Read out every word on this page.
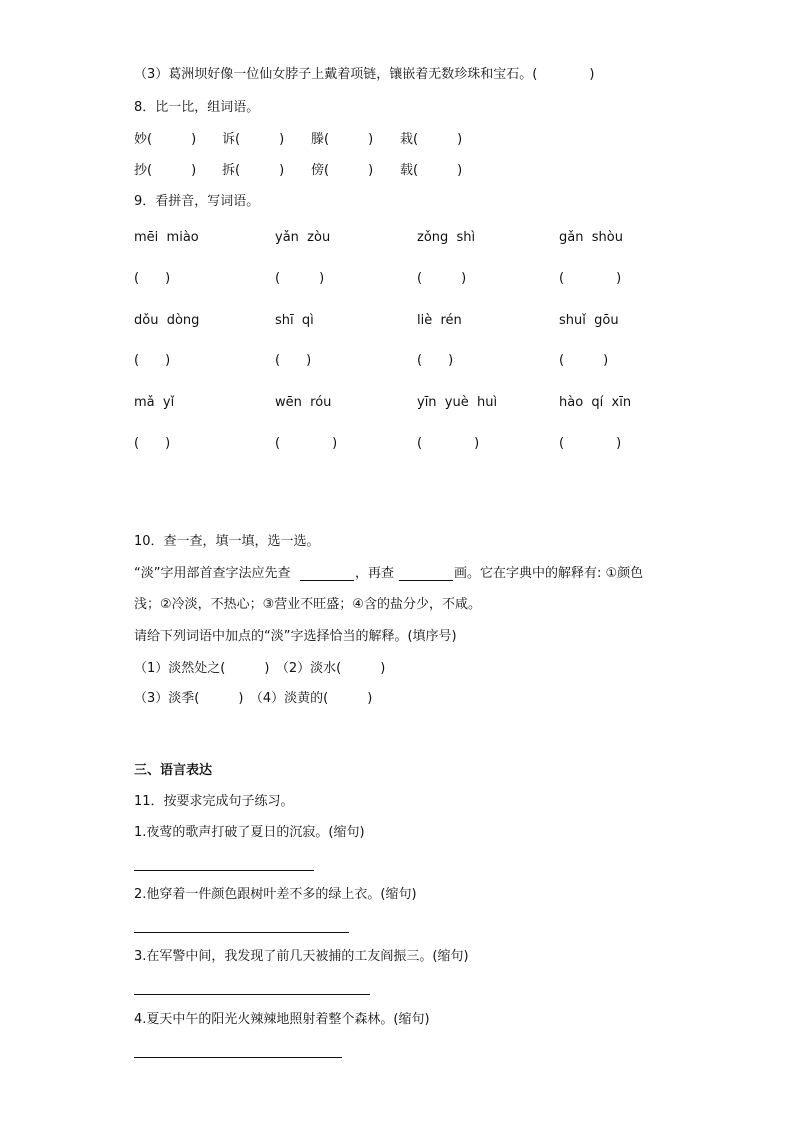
（3）葛洲坝好像一位仙女脖子上戴着项链，镶嵌着无数珍珠和宝石。(　　　　)
8．比一比，组词语。
妙(　　　) 诉(　　　) 滕(　　　) 栽(　　　)
抄(　　　) 拆(　　　) 傍(　　　) 载(　　　)
9．看拼音，写词语。
mēi  miào	yǎn  zòu	zǒng  shì	gǎn  shòu
(　　)	(　　　)	(　　　)	(　　　　)
dǒu  dòng	shī  qì	liè  rén	shuǐ  gōu
(　　)	(　　)	(　　)	(　　　)
mǎ  yǐ	wēn  róu	yīn  yuè  huì	hào  qí  xīn
(　　)	(　　　　)	(　　　　)	(　　　　)
10．查一查，填一填，选一选。
“淡”字用部首查字法应先查	，再查	画。它在字典中的解释有: ①颜色
浅；②冷淡，不热心；③营业不旺盛；④含的盐分少，不咸。
请给下列词语中加点的“淡”字选择恰当的解释。(填序号)
（1）淡然处之(　　　)　（2）淡水(　　　)
（3）淡季(　　　)　（4）淡黄的(　　　)
三、语言表达
11．按要求完成句子练习。
1.夜莺的歌声打破了夏日的沉寂。(缩句)
2.他穿着一件颜色跟树叶差不多的绿上衣。(缩句)
3.在军警中间，我发现了前几天被捕的工友阎振三。(缩句)
4.夏天中午的阳光火辣辣地照射着整个森林。(缩句)
